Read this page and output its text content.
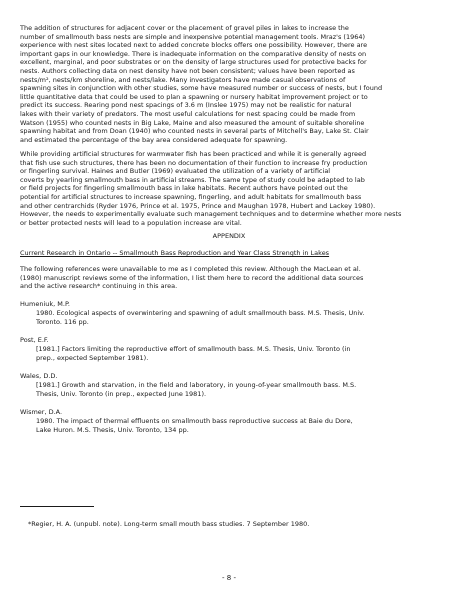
The addition of structures for adjacent cover or the placement of gravel piles in lakes to increase the
number of smallmouth bass nests are simple and inexpensive potential management tools. Mraz's (1964)
experience with nest sites located next to added concrete blocks offers one possibility. However, there are
important gaps in our knowledge. There is inadequate information on the comparative density of nests on
excellent, marginal, and poor substrates or on the density of large structures used for protective backs for
nests. Authors collecting data on nest density have not been consistent; values have been reported as
nests/m², nests/km shoreline, and nests/lake. Many investigators have made casual observations of
spawning sites in conjunction with other studies, some have measured number or success of nests, but I found
little quantitative data that could be used to plan a spawning or nursery habitat improvement project or to
predict its success. Rearing pond nest spacings of 3.6 m (Inslee 1975) may not be realistic for natural
lakes with their variety of predators. The most useful calculations for nest spacing could be made from
Watson (1955) who counted nests in Big Lake, Maine and also measured the amount of suitable shoreline
spawning habitat and from Doan (1940) who counted nests in several parts of Mitchell's Bay, Lake St. Clair
and estimated the percentage of the bay area considered adequate for spawning.

While providing artificial structures for warmwater fish has been practiced and while it is generally agreed
that fish use such structures, there has been no documentation of their function to increase fry production
or fingerling survival. Haines and Butler (1969) evaluated the utilization of a variety of artificial
coverts by yearling smallmouth bass in artificial streams. The same type of study could be adapted to lab
or field projects for fingerling smallmouth bass in lake habitats. Recent authors have pointed out the
potential for artificial structures to increase spawning, fingerling, and adult habitats for smallmouth bass
and other centrarchids (Ryder 1976, Prince et al. 1975, Prince and Maughan 1978, Hubert and Lackey 1980).
However, the needs to experimentally evaluate such management techniques and to determine whether more nests
or better protected nests will lead to a population increase are vital.

APPENDIX

Current Research in Ontario -- Smallmouth Bass Reproduction and Year Class Strength in Lakes

The following references were unavailable to me as I completed this review. Although the MacLean et al.
(1980) manuscript reviews some of the information, I list them here to record the additional data sources
and the active research* continuing in this area.

Humeniuk, M.P.

1980. Ecological aspects of overwintering and spawning of adult smallmouth bass. M.S. Thesis, Univ.
Toronto. 116 pp.

Post, E.F.

[1981.] Factors limiting the reproductive effort of smallmouth bass. M.S. Thesis, Univ. Toronto (in
prep., expected September 1981).

Wales, D.D.

[1981.] Growth and starvation, in the field and laboratory, in young-of-year smallmouth bass. M.S.
Thesis, Univ. Toronto (in prep., expected June 1981).

Wismer, D.A.

1980. The impact of thermal effluents on smallmouth bass reproductive success at Baie du Dore,
Lake Huron. M.S. Thesis, Univ. Toronto, 134 pp.

*Regier, H. A. (unpubl. note). Long-term small mouth bass studies. 7 September 1980.

- 8 -
